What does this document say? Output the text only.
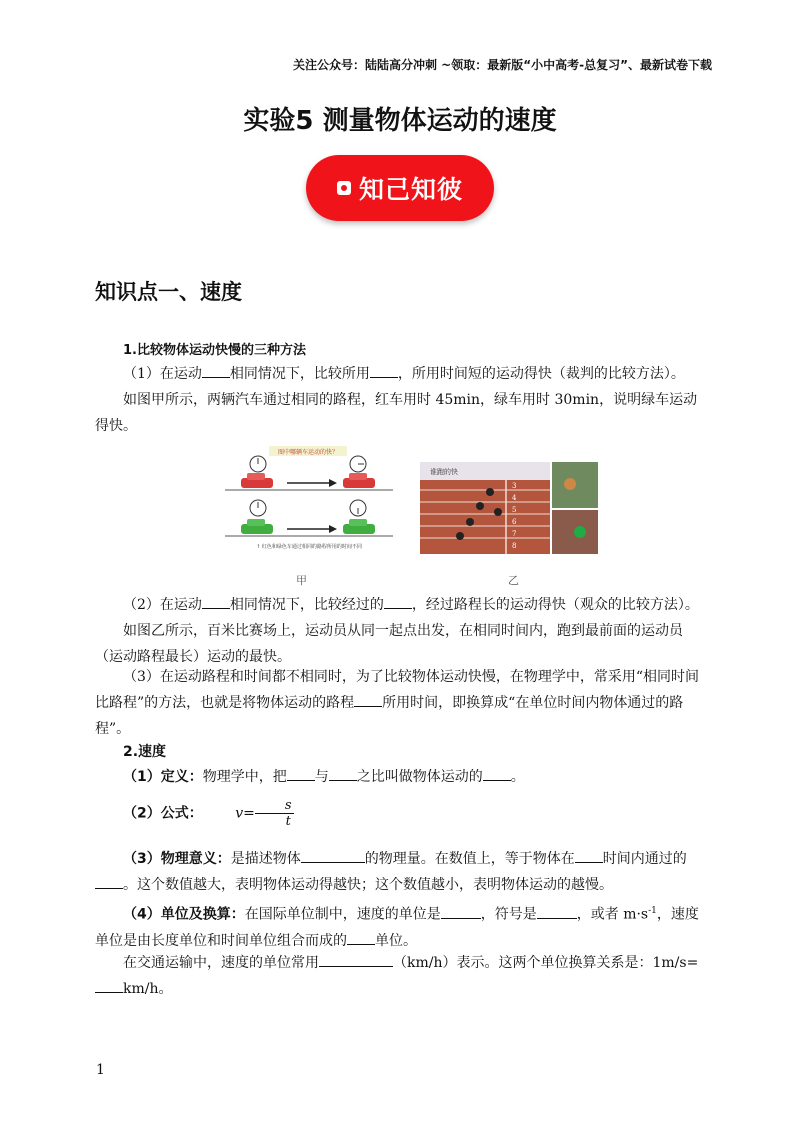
关注公众号：陆陆高分冲刺 ~领取：最新版“小中高考-总复习”、最新试卷下载
实验5 测量物体运动的速度
知己知彼
知识点一、速度
1.比较物体运动快慢的三种方法
（1）在运动 相同情况下，比较所用 ，所用时间短的运动得快（裁判的比较方法）。
如图甲所示，两辆汽车通过相同的路程，红车用时 45min，绿车用时 30min，说明绿车运动得快。
图中哪辆车运动的快？
↑ 红色和绿色车通过相同的路程所用的时间不同
谁跑的快
3
4
5
6
7
8
甲	乙
（2）在运动 相同情况下，比较经过的 ，经过路程长的运动得快（观众的比较方法）。
如图乙所示，百米比赛场上，运动员从同一起点出发，在相同时间内，跑到最前面的运动员（运动路程最长）运动的最快。
（3）在运动路程和时间都不相同时，为了比较物体运动快慢，在物理学中，常采用“相同时间比路程”的方法，也就是将物体运动的路程 所用时间，即换算成“在单位时间内物体通过的路程”。
2.速度
（1）定义：物理学中，把 与 之比叫做物体运动的 。
（2）公式： $v= \frac{s}{t}$
（3）物理意义：是描述物体	的物理量。在数值上，等于物体在 时间内通过的。这个数值越大，表明物体运动得越快；这个数值越小，表明物体运动的越慢。
（4）单位及换算：在国际单位制中，速度的单位是	，符号是	，或者 $m\cdot s^{-1}$，速度单位是由长度单位和时间单位组合而成的 单位。
在交通运输中，速度的单位常用	（km/h）表示。这两个单位换算关系是：1m/s=km/h。
1
